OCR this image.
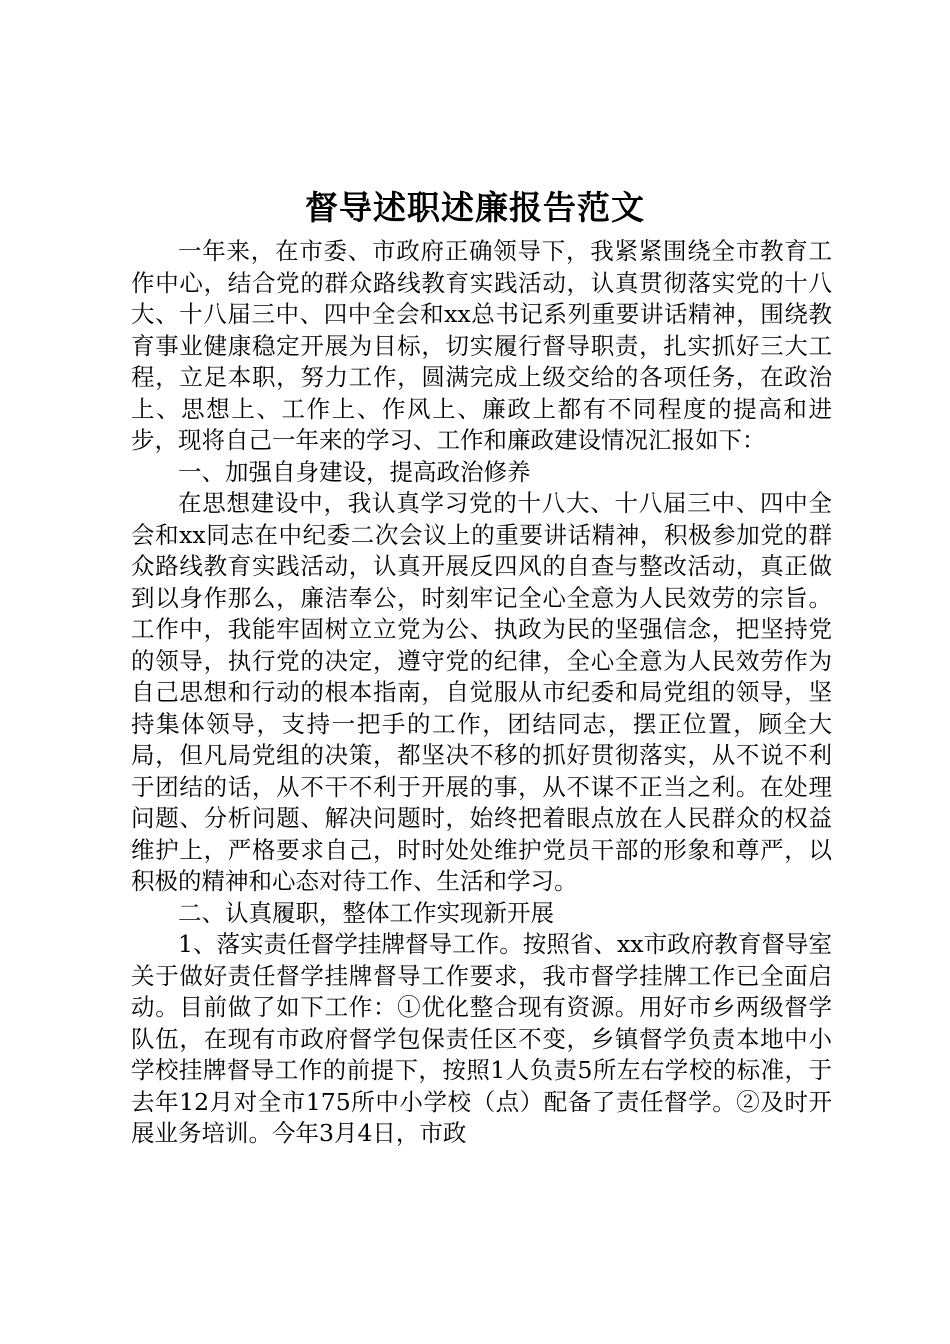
督导述职述廉报告范文

一年来，在市委、市政府正确领导下，我紧紧围绕全市教育工作中心，结合党的群众路线教育实践活动，认真贯彻落实党的十八大、十八届三中、四中全会和xx总书记系列重要讲话精神，围绕教育事业健康稳定开展为目标，切实履行督导职责，扎实抓好三大工程，立足本职，努力工作，圆满完成上级交给的各项任务，在政治上、思想上、工作上、作风上、廉政上都有不同程度的提高和进步，现将自己一年来的学习、工作和廉政建设情况汇报如下：

一、加强自身建设，提高政治修养

在思想建设中，我认真学习党的十八大、十八届三中、四中全会和xx同志在中纪委二次会议上的重要讲话精神，积极参加党的群众路线教育实践活动，认真开展反四风的自查与整改活动，真正做到以身作那么，廉洁奉公，时刻牢记全心全意为人民效劳的宗旨。工作中，我能牢固树立立党为公、执政为民的坚强信念，把坚持党的领导，执行党的决定，遵守党的纪律，全心全意为人民效劳作为自己思想和行动的根本指南，自觉服从市纪委和局党组的领导，坚持集体领导，支持一把手的工作，团结同志，摆正位置，顾全大局，但凡局党组的决策，都坚决不移的抓好贯彻落实，从不说不利于团结的话，从不干不利于开展的事，从不谋不正当之利。在处理问题、分析问题、解决问题时，始终把着眼点放在人民群众的权益维护上，严格要求自己，时时处处维护党员干部的形象和尊严，以积极的精神和心态对待工作、生活和学习。

二、认真履职，整体工作实现新开展

1、落实责任督学挂牌督导工作。按照省、xx市政府教育督导室关于做好责任督学挂牌督导工作要求，我市督学挂牌工作已全面启动。目前做了如下工作：①优化整合现有资源。用好市乡两级督学队伍，在现有市政府督学包保责任区不变，乡镇督学负责本地中小学校挂牌督导工作的前提下，按照1人负责5所左右学校的标准，于去年12月对全市175所中小学校（点）配备了责任督学。②及时开展业务培训。今年3月4日，市政
